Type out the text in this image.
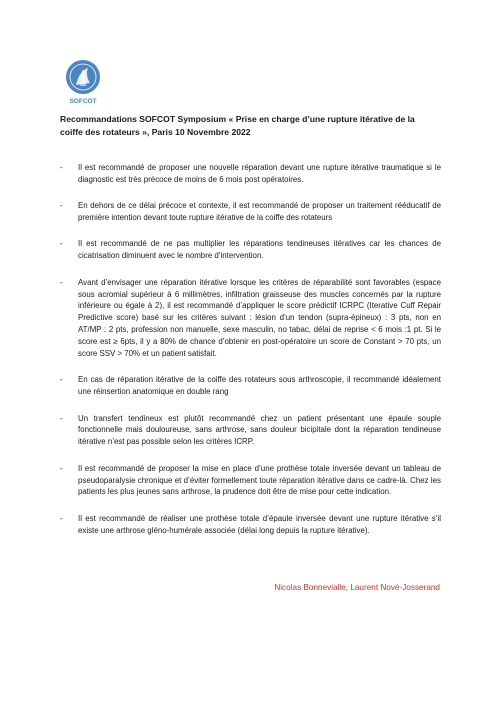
SOFCOT

Recommandations SOFCOT Symposium « Prise en charge d’une rupture itérative de la coiffe des rotateurs », Paris 10 Novembre 2022

-	Il est recommandé de proposer une nouvelle réparation devant une rupture itérative traumatique si le diagnostic est très précoce de moins de 6 mois post opératoires.
-	En dehors de ce délai précoce et contexte, il est recommandé de proposer un traitement rééducatif de première intention devant toute rupture itérative de la coiffe des rotateurs
-	Il est recommandé de ne pas multiplier les réparations tendineuses itératives car les chances de cicatrisation diminuent avec le nombre d’intervention.
-	Avant d’envisager une réparation itérative lorsque les critères de réparabilité sont favorables (espace sous acromial supérieur à 6 millimètres, infiltration graisseuse des muscles concernés par la rupture inférieure ou égale à 2), il est recommandé d’appliquer le score prédictif ICRPC (Iterative Cuff Repair Predictive score) basé sur les critères suivant : lésion d’un tendon (supra-épineux) : 3 pts, non en AT/MP : 2 pts, profession non manuelle, sexe masculin, no tabac, délai de reprise < 6 mois :1 pt. Si le score est ≥ 6pts, il y a 80% de chance d’obtenir en post-opératoire un score de Constant > 70 pts, un score SSV > 70% et un patient satisfait.
-	En cas de réparation itérative de la coiffe des rotateurs sous arthroscopie, il recommandé idéalement une réinsertion anatomique en double rang
-	Un transfert tendineux est plutôt recommandé chez un patient présentant une épaule souple fonctionnelle mais douloureuse, sans arthrose, sans douleur bicipitale dont la réparation tendineuse itérative n’est pas possible selon les critères ICRP.
-	Il est recommandé de proposer la mise en place d’une prothèse totale inversée devant un tableau de pseudoparalysie chronique et d’éviter formellement toute réparation itérative dans ce cadre-là. Chez les patients les plus jeunes sans arthrose, la prudence doit être de mise pour cette indication.
-	Il est recommandé de réaliser une prothèse totale d’épaule inversée devant une rupture itérative s’il existe une arthrose gléno-humérale associée (délai long depuis la rupture itérative).

Nicolas Bonnevialle, Laurent Nové-Josserand
